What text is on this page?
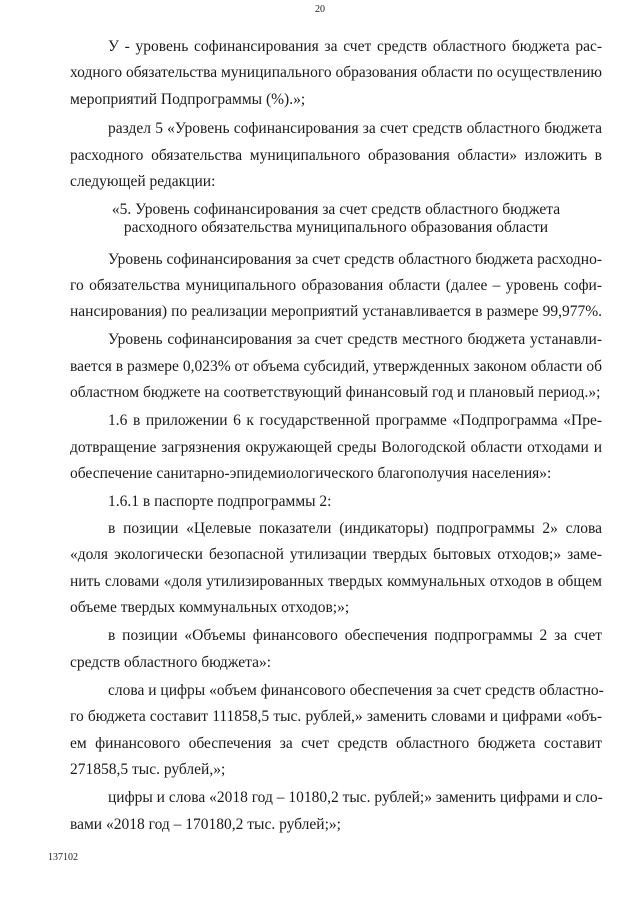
20
У - уровень софинансирования за счет средств областного бюджета рас-
ходного обязательства муниципального образования области по осуществлению
мероприятий Подпрограммы (%).»;
раздел 5 «Уровень софинансирования за счет средств областного бюджета
расходного обязательства муниципального образования области» изложить в
следующей редакции:
«5. Уровень софинансирования за счет средств областного бюджета
расходного обязательства муниципального образования области
Уровень софинансирования за счет средств областного бюджета расходно-
го обязательства муниципального образования области (далее – уровень софи-
нансирования) по реализации мероприятий устанавливается в размере 99,977%.
Уровень софинансирования за счет средств местного бюджета устанавли-
вается в размере 0,023% от объема субсидий, утвержденных законом области об
областном бюджете на соответствующий финансовый год и плановый период.»;
1.6 в приложении 6 к государственной программе «Подпрограмма «Пре-
дотвращение загрязнения окружающей среды Вологодской области отходами и
обеспечение санитарно-эпидемиологического благополучия населения»:
1.6.1 в паспорте подпрограммы 2:
в позиции «Целевые показатели (индикаторы) подпрограммы 2» слова
«доля экологически безопасной утилизации твердых бытовых отходов;» заме-
нить словами «доля утилизированных твердых коммунальных отходов в общем
объеме твердых коммунальных отходов;»;
в позиции «Объемы финансового обеспечения подпрограммы 2 за счет
средств областного бюджета»:
слова и цифры «объем финансового обеспечения за счет средств областно-
го бюджета составит 111858,5 тыс. рублей,» заменить словами и цифрами «объ-
ем финансового обеспечения за счет средств областного бюджета составит
271858,5 тыс. рублей,»;
цифры и слова «2018 год – 10180,2 тыс. рублей;» заменить цифрами и сло-
вами «2018 год – 170180,2 тыс. рублей;»;
137102
